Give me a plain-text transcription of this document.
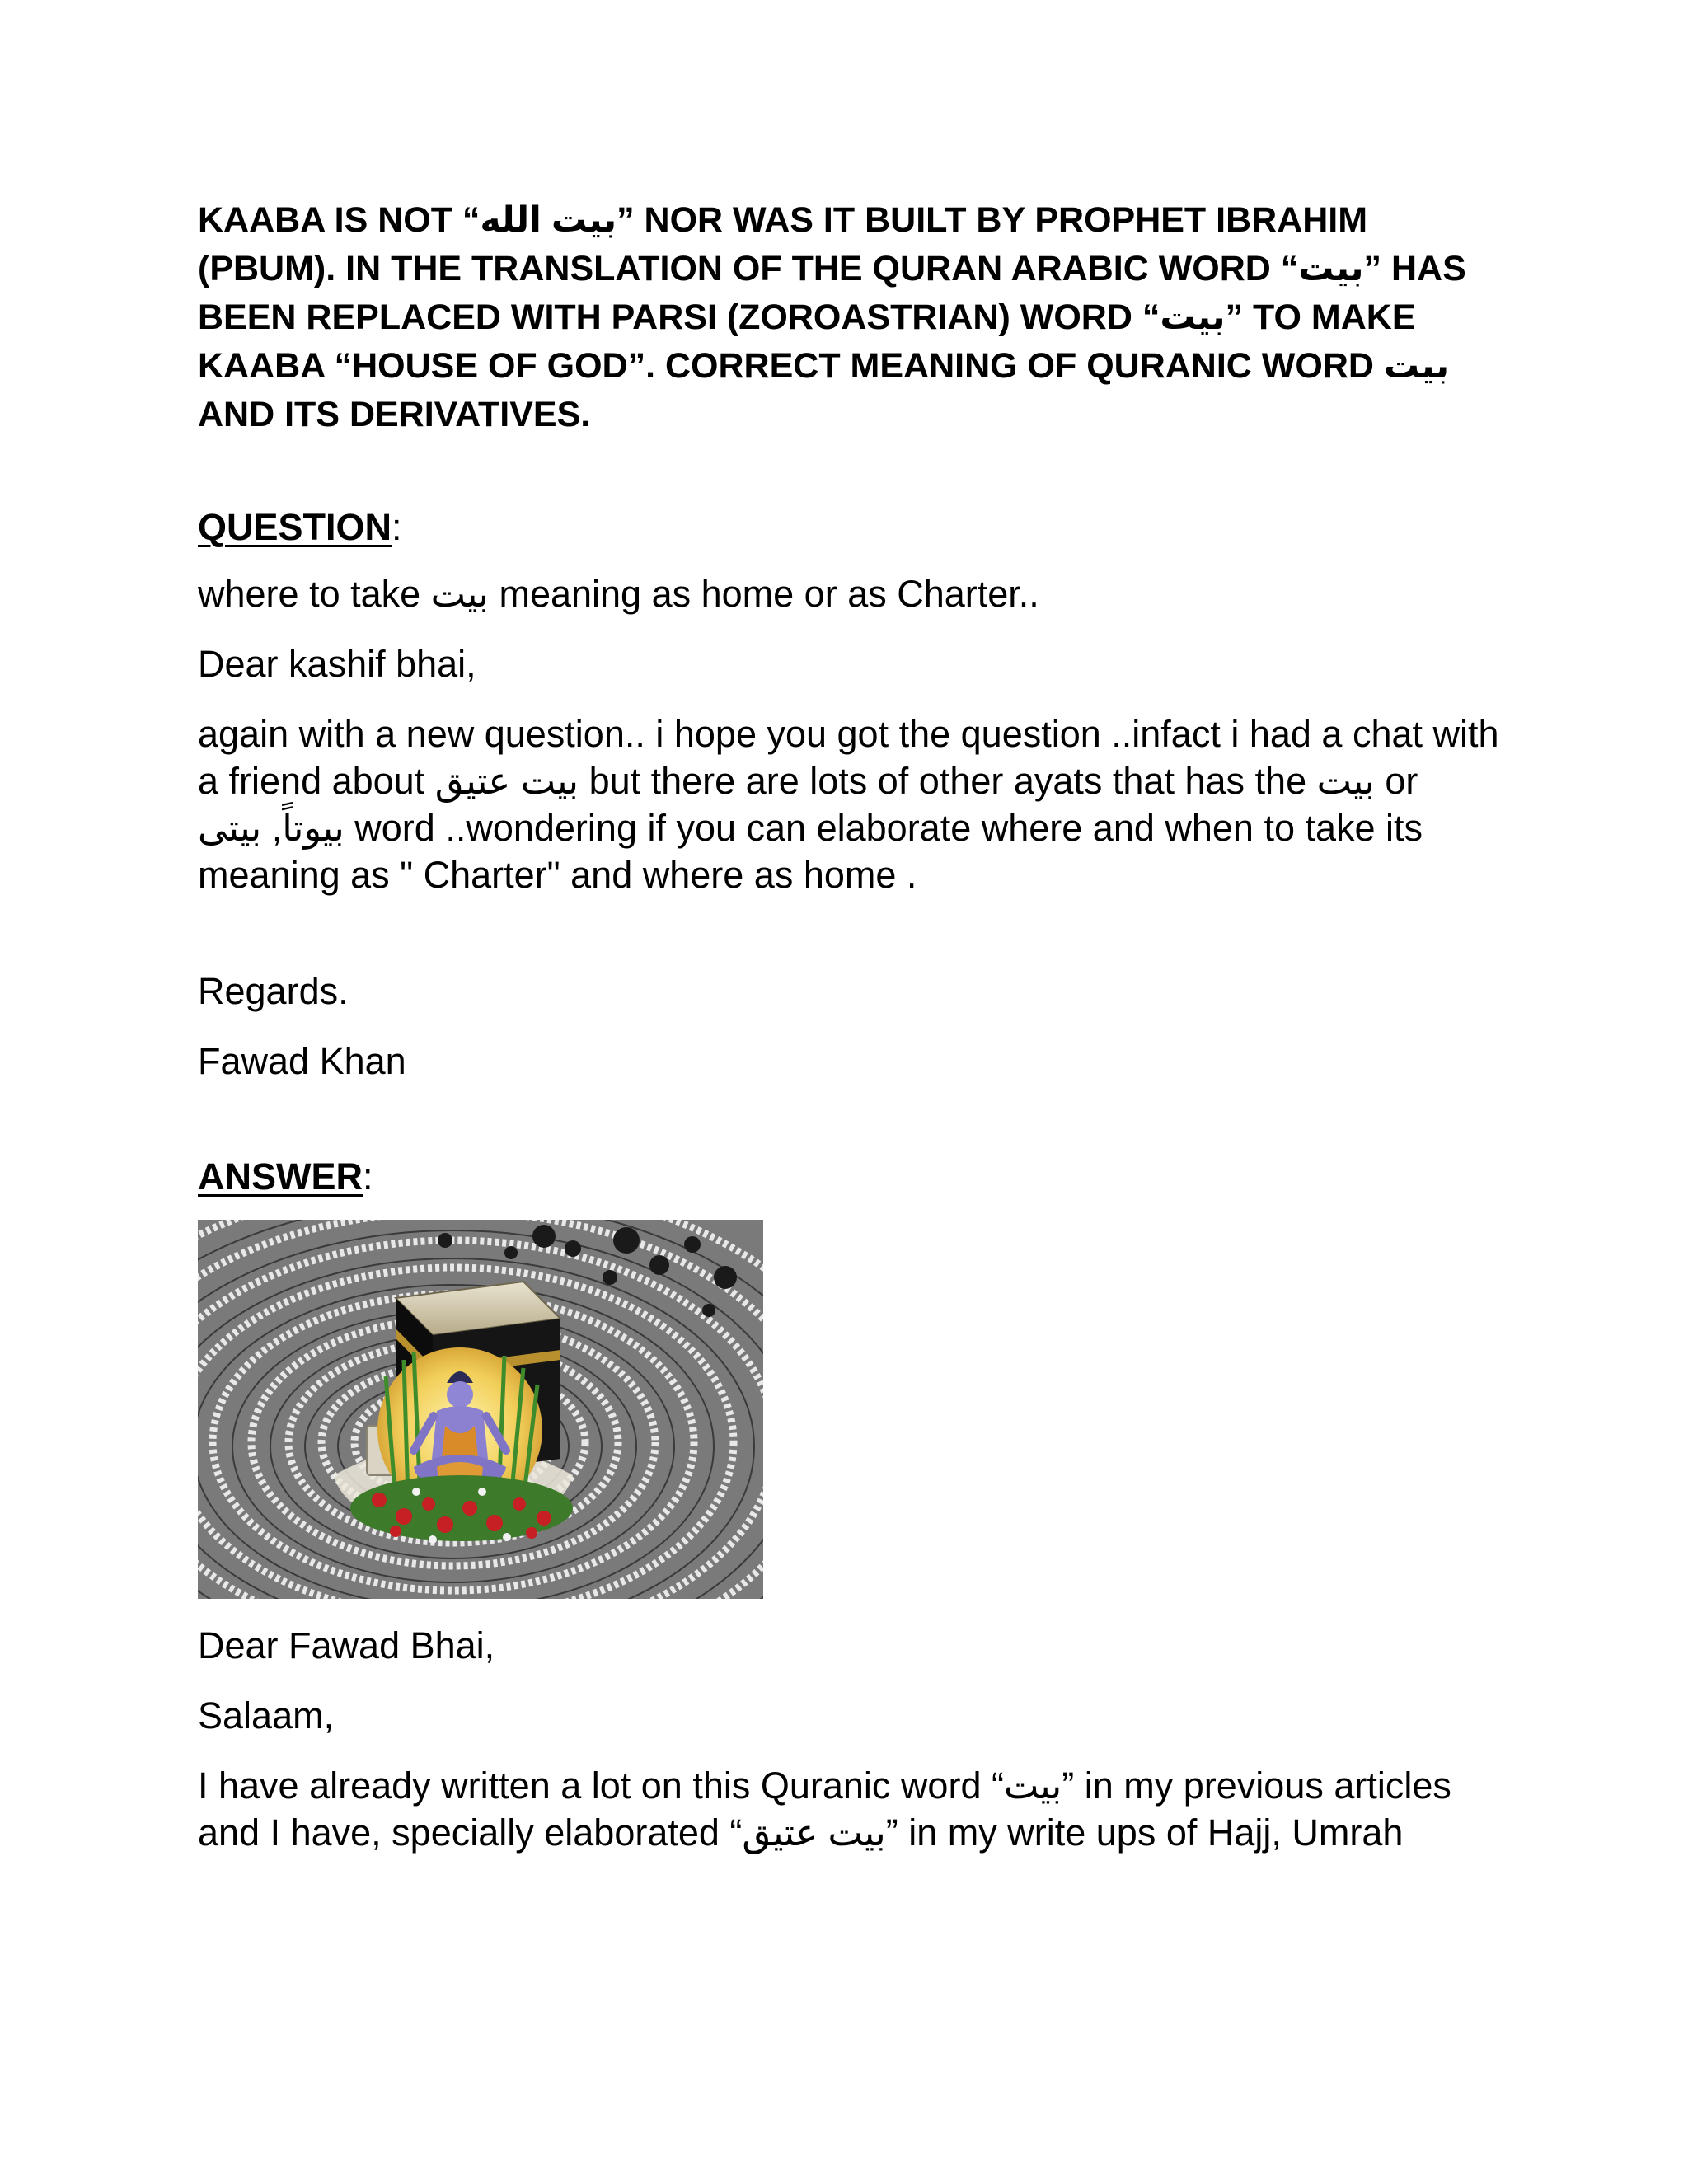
KAABA IS NOT “بيت الله” NOR WAS IT BUILT BY PROPHET IBRAHIM (PBUM). IN THE TRANSLATION OF THE QURAN ARABIC WORD “بيت” HAS BEEN REPLACED WITH PARSI (ZOROASTRIAN) WORD “بيت” TO MAKE KAABA “HOUSE OF GOD”. CORRECT MEANING OF QURANIC WORD بيت AND ITS DERIVATIVES.

QUESTION:

where to take بيت meaning as home or as Charter..

Dear kashif bhai,

again with a new question.. i hope you got the question ..infact i had a chat with a friend about بیت عتیق but there are lots of other ayats that has the بيت or بیوتاً, بیتی word ..wondering if you can elaborate where and when to take its meaning as " Charter" and where as home .

Regards.

Fawad Khan

ANSWER:

Dear Fawad Bhai,

Salaam,

I have already written a lot on this Quranic word “بيت” in my previous articles and I have, specially elaborated “بيت عتيق” in my write ups of Hajj, Umrah
